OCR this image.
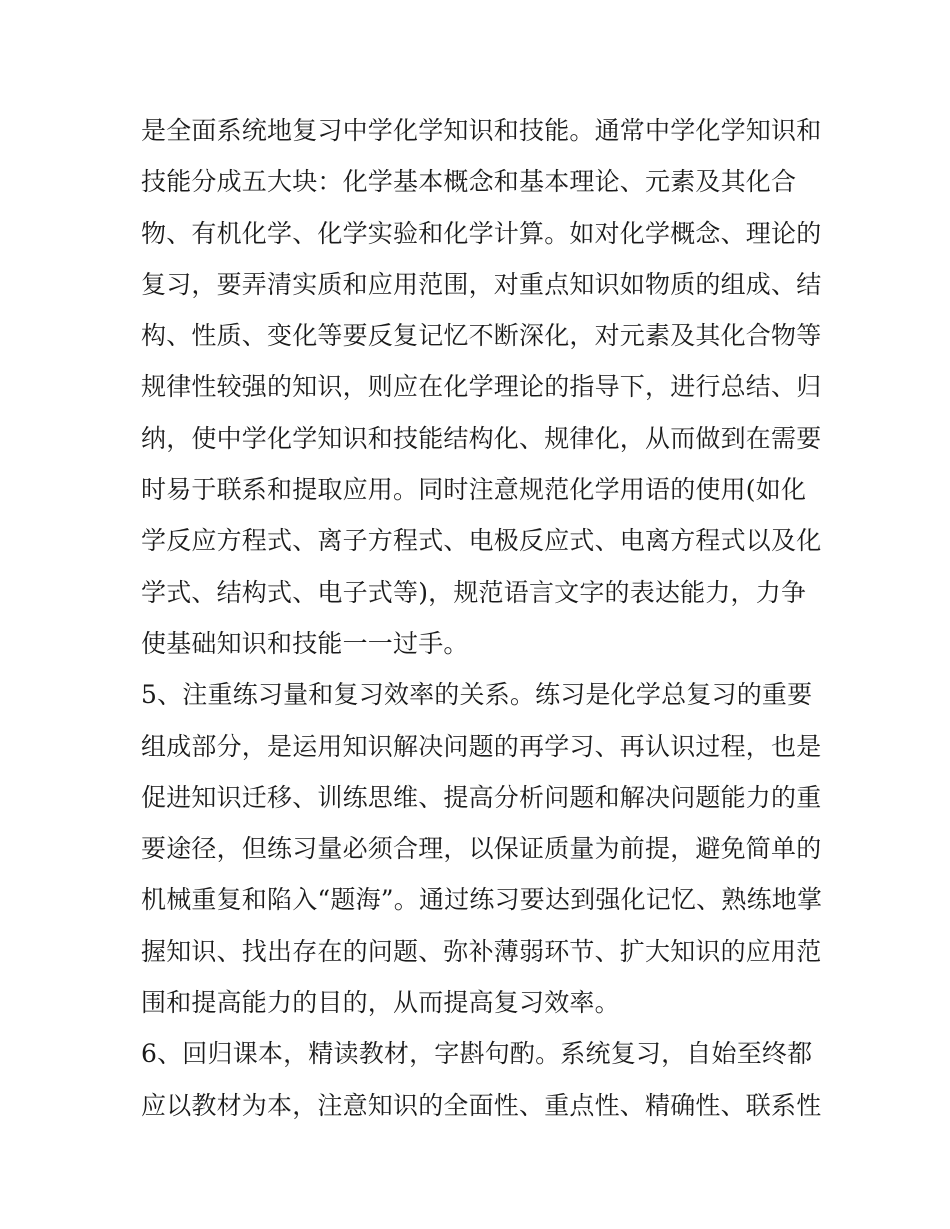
是全面系统地复习中学化学知识和技能。通常中学化学知识和
技能分成五大块：化学基本概念和基本理论、元素及其化合
物、有机化学、化学实验和化学计算。如对化学概念、理论的
复习，要弄清实质和应用范围，对重点知识如物质的组成、结
构、性质、变化等要反复记忆不断深化，对元素及其化合物等
规律性较强的知识，则应在化学理论的指导下，进行总结、归
纳，使中学化学知识和技能结构化、规律化，从而做到在需要
时易于联系和提取应用。同时注意规范化学用语的使用(如化
学反应方程式、离子方程式、电极反应式、电离方程式以及化
学式、结构式、电子式等)，规范语言文字的表达能力，力争
使基础知识和技能一一过手。
5、注重练习量和复习效率的关系。练习是化学总复习的重要
组成部分，是运用知识解决问题的再学习、再认识过程，也是
促进知识迁移、训练思维、提高分析问题和解决问题能力的重
要途径，但练习量必须合理，以保证质量为前提，避免简单的
机械重复和陷入“题海”。通过练习要达到强化记忆、熟练地掌
握知识、找出存在的问题、弥补薄弱环节、扩大知识的应用范
围和提高能力的目的，从而提高复习效率。
6、回归课本，精读教材，字斟句酌。系统复习，自始至终都
应以教材为本，注意知识的全面性、重点性、精确性、联系性
